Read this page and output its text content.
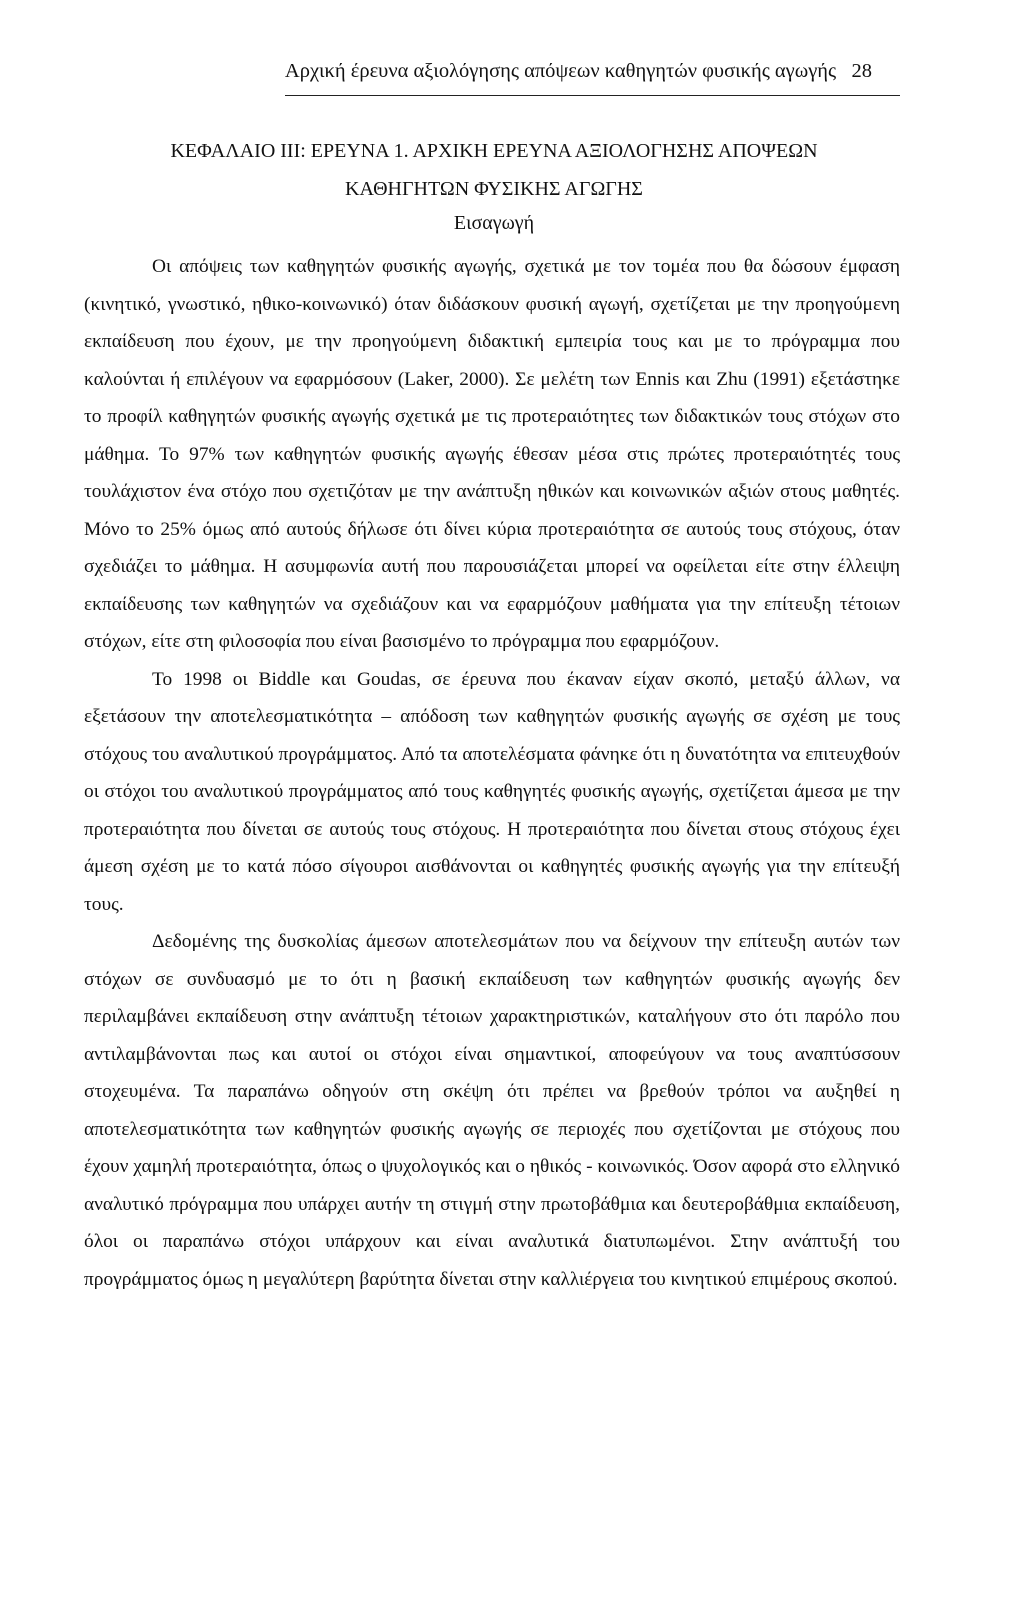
Αρχική έρευνα αξιολόγησης απόψεων καθηγητών φυσικής αγωγής 28
ΚΕΦΑΛΑΙΟ ΙΙΙ: ΕΡΕΥΝΑ 1. ΑΡΧΙΚΗ ΕΡΕΥΝΑ ΑΞΙΟΛΟΓΗΣΗΣ ΑΠΟΨΕΩΝ
ΚΑΘΗΓΗΤΩΝ ΦΥΣΙΚΗΣ ΑΓΩΓΗΣ
Εισαγωγή

Οι απόψεις των καθηγητών φυσικής αγωγής, σχετικά με τον τομέα που θα δώσουν έμφαση (κινητικό, γνωστικό, ηθικο-κοινωνικό) όταν διδάσκουν φυσική αγωγή, σχετίζεται με την προηγούμενη εκπαίδευση που έχουν, με την προηγούμενη διδακτική εμπειρία τους και με το πρόγραμμα που καλούνται ή επιλέγουν να εφαρμόσουν (Laker, 2000). Σε μελέτη των Ennis και Zhu (1991) εξετάστηκε το προφίλ καθηγητών φυσικής αγωγής σχετικά με τις προτεραιότητες των διδακτικών τους στόχων στο μάθημα. Το 97% των καθηγητών φυσικής αγωγής έθεσαν μέσα στις πρώτες προτεραιότητές τους τουλάχιστον ένα στόχο που σχετιζόταν με την ανάπτυξη ηθικών και κοινωνικών αξιών στους μαθητές. Μόνο το 25% όμως από αυτούς δήλωσε ότι δίνει κύρια προτεραιότητα σε αυτούς τους στόχους, όταν σχεδιάζει το μάθημα. Η ασυμφωνία αυτή που παρουσιάζεται μπορεί να οφείλεται είτε στην έλλειψη εκπαίδευσης των καθηγητών να σχεδιάζουν και να εφαρμόζουν μαθήματα για την επίτευξη τέτοιων στόχων, είτε στη φιλοσοφία που είναι βασισμένο το πρόγραμμα που εφαρμόζουν.

Το 1998 οι Biddle και Goudas, σε έρευνα που έκαναν είχαν σκοπό, μεταξύ άλλων, να εξετάσουν την αποτελεσματικότητα – απόδοση των καθηγητών φυσικής αγωγής σε σχέση με τους στόχους του αναλυτικού προγράμματος. Από τα αποτελέσματα φάνηκε ότι η δυνατότητα να επιτευχθούν οι στόχοι του αναλυτικού προγράμματος από τους καθηγητές φυσικής αγωγής, σχετίζεται άμεσα με την προτεραιότητα που δίνεται σε αυτούς τους στόχους. Η προτεραιότητα που δίνεται στους στόχους έχει άμεση σχέση με το κατά πόσο σίγουροι αισθάνονται οι καθηγητές φυσικής αγωγής για την επίτευξή τους.

Δεδομένης της δυσκολίας άμεσων αποτελεσμάτων που να δείχνουν την επίτευξη αυτών των στόχων σε συνδυασμό με το ότι η βασική εκπαίδευση των καθηγητών φυσικής αγωγής δεν περιλαμβάνει εκπαίδευση στην ανάπτυξη τέτοιων χαρακτηριστικών, καταλήγουν στο ότι παρόλο που αντιλαμβάνονται πως και αυτοί οι στόχοι είναι σημαντικοί, αποφεύγουν να τους αναπτύσσουν στοχευμένα. Τα παραπάνω οδηγούν στη σκέψη ότι πρέπει να βρεθούν τρόποι να αυξηθεί η αποτελεσματικότητα των καθηγητών φυσικής αγωγής σε περιοχές που σχετίζονται με στόχους που έχουν χαμηλή προτεραιότητα, όπως ο ψυχολογικός και ο ηθικός - κοινωνικός. Όσον αφορά στο ελληνικό αναλυτικό πρόγραμμα που υπάρχει αυτήν τη στιγμή στην πρωτοβάθμια και δευτεροβάθμια εκπαίδευση, όλοι οι παραπάνω στόχοι υπάρχουν και είναι αναλυτικά διατυπωμένοι. Στην ανάπτυξή του προγράμματος όμως η μεγαλύτερη βαρύτητα δίνεται στην καλλιέργεια του κινητικού επιμέρους σκοπού.
